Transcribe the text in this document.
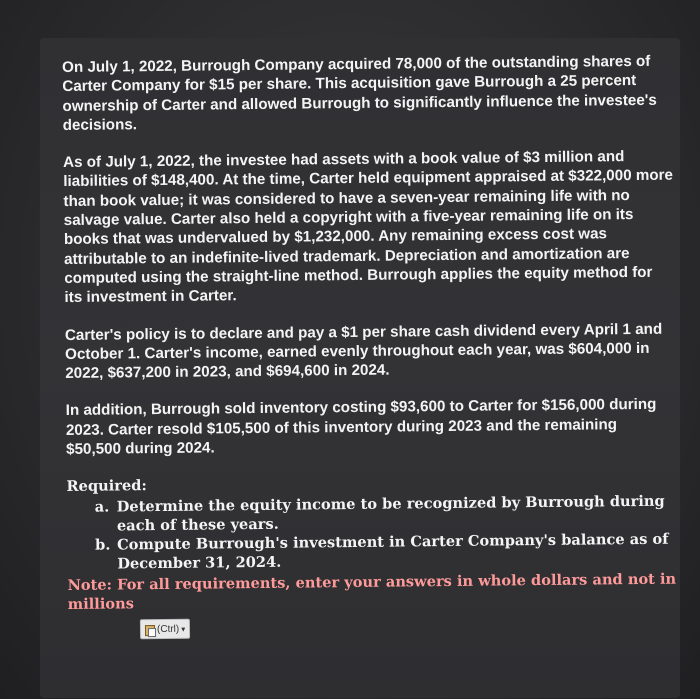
On July 1, 2022, Burrough Company acquired 78,000 of the outstanding shares of Carter Company for $15 per share. This acquisition gave Burrough a 25 percent ownership of Carter and allowed Burrough to significantly influence the investee's decisions.

As of July 1, 2022, the investee had assets with a book value of $3 million and liabilities of $148,400. At the time, Carter held equipment appraised at $322,000 more than book value; it was considered to have a seven-year remaining life with no salvage value. Carter also held a copyright with a five-year remaining life on its books that was undervalued by $1,232,000. Any remaining excess cost was attributable to an indefinite-lived trademark. Depreciation and amortization are computed using the straight-line method. Burrough applies the equity method for its investment in Carter.

Carter's policy is to declare and pay a $1 per share cash dividend every April 1 and October 1. Carter's income, earned evenly throughout each year, was $604,000 in 2022, $637,200 in 2023, and $694,600 in 2024.

In addition, Burrough sold inventory costing $93,600 to Carter for $156,000 during 2023. Carter resold $105,500 of this inventory during 2023 and the remaining $50,500 during 2024.

Required:
a. Determine the equity income to be recognized by Burrough during each of these years.
b. Compute Burrough's investment in Carter Company's balance as of December 31, 2024.
Note: For all requirements, enter your answers in whole dollars and not in millions
(Ctrl) ▾
